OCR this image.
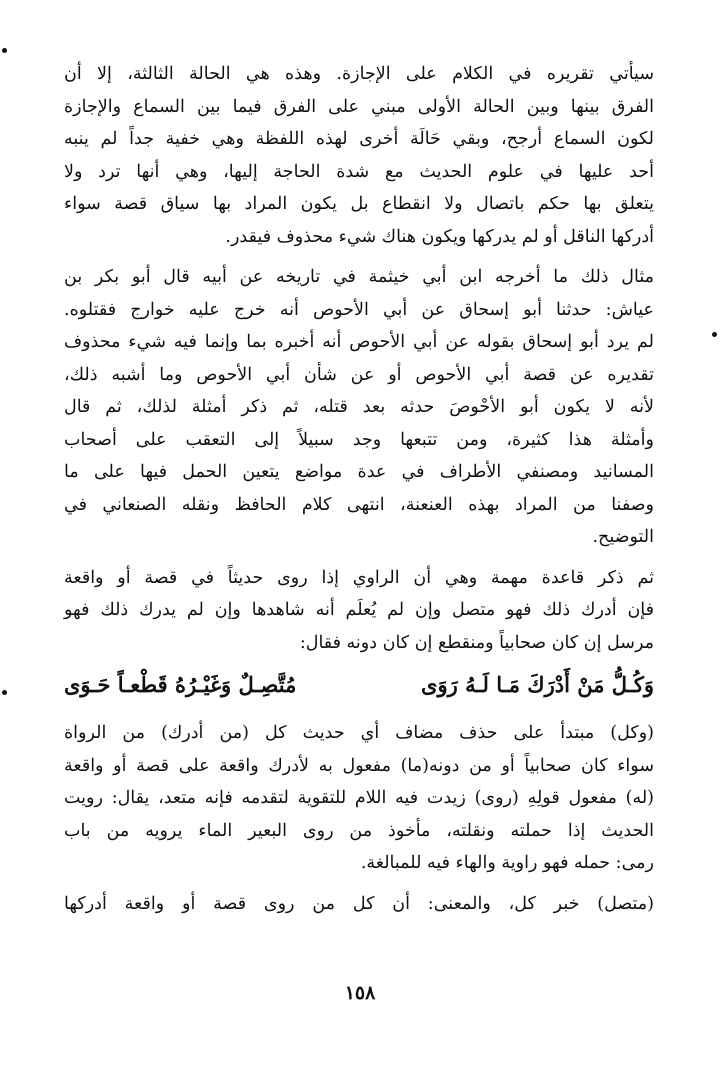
سيأتي تقريره في الكلام على الإجازة. وهذه هي الحالة الثالثة، إلا أن
الفرق بينها وبين الحالة الأولى مبني على الفرق فيما بين السماع والإجازة
لكون السماع أرجح، وبقي حَالَة أخرى لهذه اللفظة وهي خفية جداً لم ينبه
أحد عليها في علوم الحديث مع شدة الحاجة إليها، وهي أنها ترد ولا
يتعلق بها حكم باتصال ولا انقطاع بل يكون المراد بها سياق قصة سواء
أدركها الناقل أو لم يدركها ويكون هناك شيء محذوف فيقدر.

مثال ذلك ما أخرجه ابن أبي خيثمة في تاريخه عن أبيه قال أبو بكر بن
عياش: حدثنا أبو إسحاق عن أبي الأحوص أنه خرج عليه خوارج فقتلوه.
لم يرد أبو إسحاق بقوله عن أبي الأحوص أنه أخبره بما وإنما فيه شيء محذوف
تقديره عن قصة أبي الأحوص أو عن شأن أبي الأحوص وما أشبه ذلك،
لأنه لا يكون أبو الأحْوصَ حدثه بعد قتله، ثم ذكر أمثلة لذلك، ثم قال
وأمثلة هذا كثيرة، ومن تتبعها وجد سبيلاً إلى التعقب على أصحاب
المسانيد ومصنفي الأطراف في عدة مواضع يتعين الحمل فيها على ما
وصفنا من المراد بهذه العنعنة، انتهى كلام الحافظ ونقله الصنعاني في
التوضيح.

ثم ذكر قاعدة مهمة وهي أن الراوي إذا روى حديثاً في قصة أو واقعة
فإن أدرك ذلك فهو متصل وإن لم يُعلَم أنه شاهدها وإن لم يدرك ذلك فهو
مرسل إن كان صحابياً ومنقطع إن كان دونه فقال:

وَكُـلُّ مَنْ أَدْرَكَ مَـا لَـهُ رَوَى
مُتَّصِـلٌ وَغَيْـرُهُ قَطْعـاً حَـوَى

(وكل) مبتدأ على حذف مضاف أي حديث كل (من أدرك) من الرواة
سواء كان صحابياً أو من دونه(ما) مفعول به لأدرك واقعة على قصة أو واقعة
(له) مفعول قولِهِ (روى) زيدت فيه اللام للتقوية لتقدمه فإنه متعد، يقال: رويت
الحديث إذا حملته ونقلته، مأخوذ من روى البعير الماء يرويه من باب
رمى: حمله فهو راوية والهاء فيه للمبالغة.

(متصل) خبر كل، والمعنى: أن كل من روى قصة أو واقعة أدركها

١٥٨
